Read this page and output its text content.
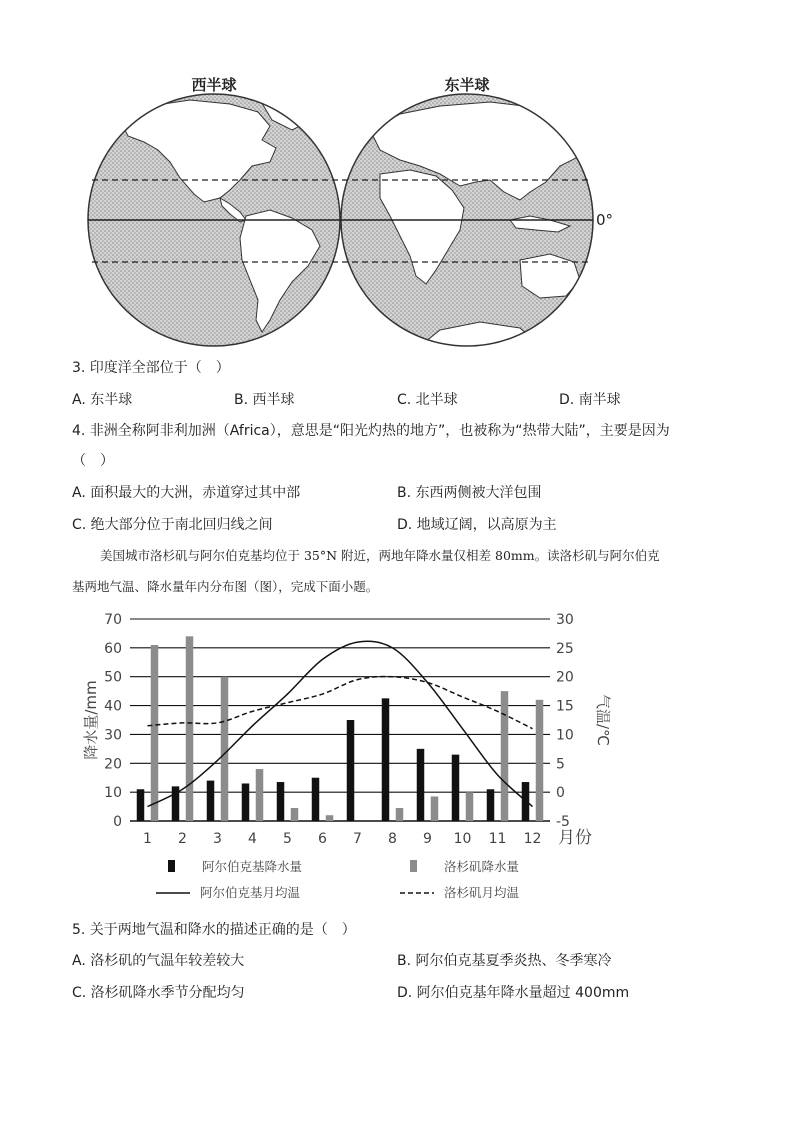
西半球	东半球
0°
3. 印度洋全部位于（　）
A. 东半球	B. 西半球	C. 北半球	D. 南半球
4. 非洲全称阿非利加洲（Africa），意思是“阳光灼热的地方”，也被称为“热带大陆”，主要是因为
（　）
A. 面积最大的大洲，赤道穿过其中部	B. 东西两侧被大洋包围
C. 绝大部分位于南北回归线之间	D. 地域辽阔，以高原为主
美国城市洛杉矶与阿尔伯克基均位于 35°N 附近，两地年降水量仅相差 80mm。读洛杉矶与阿尔伯克
基两地气温、降水量年内分布图（图），完成下面小题。
0
10
20
30
40
50
60
70
-5
0
5
10
15
20
25
30
1 2 3 4 5 6 7 8 9 10 11 12 月份
降水量/mm	气温/℃
阿尔伯克基降水量	洛杉矶降水量
阿尔伯克基月均温	洛杉矶月均温
5. 关于两地气温和降水的描述正确的是（　）
A. 洛杉矶的气温年较差较大	B. 阿尔伯克基夏季炎热、冬季寒冷
C. 洛杉矶降水季节分配均匀	D. 阿尔伯克基年降水量超过 400mm
